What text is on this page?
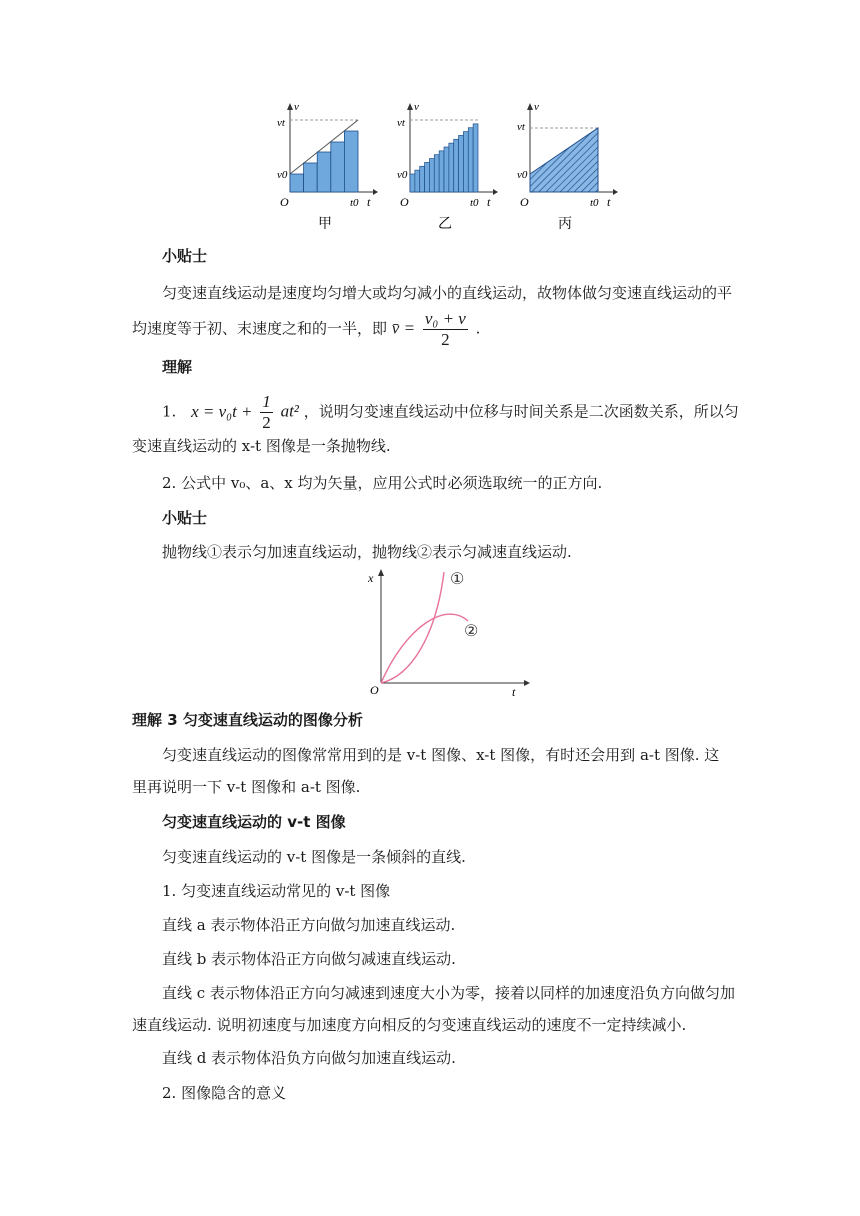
vt
v0
v
O	t0 t
甲
vt
v0
v
O	t0 t
乙
vt
v0
v
O	t0 t
丙
小贴士
匀变速直线运动是速度均匀增大或均匀减小的直线运动，故物体做匀变速直线运动的平
均速度等于初、末速度之和的一半，即 v̄ = $\frac{\text{v₀ + v}}{2}$ .
理解
1. $x = v_0t + \frac{1}{2} at^2$ ，说明匀变速直线运动中位移与时间关系是二次函数关系，所以匀
变速直线运动的 x-t 图像是一条抛物线.
2. 公式中 v₀、a、x 均为矢量，应用公式时必须选取统一的正方向.
小贴士
抛物线①表示匀加速直线运动，抛物线②表示匀减速直线运动.
x
t
O
①
②
理解 3 匀变速直线运动的图像分析
匀变速直线运动的图像常常用到的是 v-t 图像、x-t 图像，有时还会用到 a-t 图像. 这
里再说明一下 v-t 图像和 a-t 图像.
匀变速直线运动的 v-t 图像
匀变速直线运动的 v-t 图像是一条倾斜的直线.
1. 匀变速直线运动常见的 v-t 图像
直线 a 表示物体沿正方向做匀加速直线运动.
直线 b 表示物体沿正方向做匀减速直线运动.
直线 c 表示物体沿正方向匀减速到速度大小为零，接着以同样的加速度沿负方向做匀加
速直线运动. 说明初速度与加速度方向相反的匀变速直线运动的速度不一定持续减小.
直线 d 表示物体沿负方向做匀加速直线运动.
2. 图像隐含的意义
